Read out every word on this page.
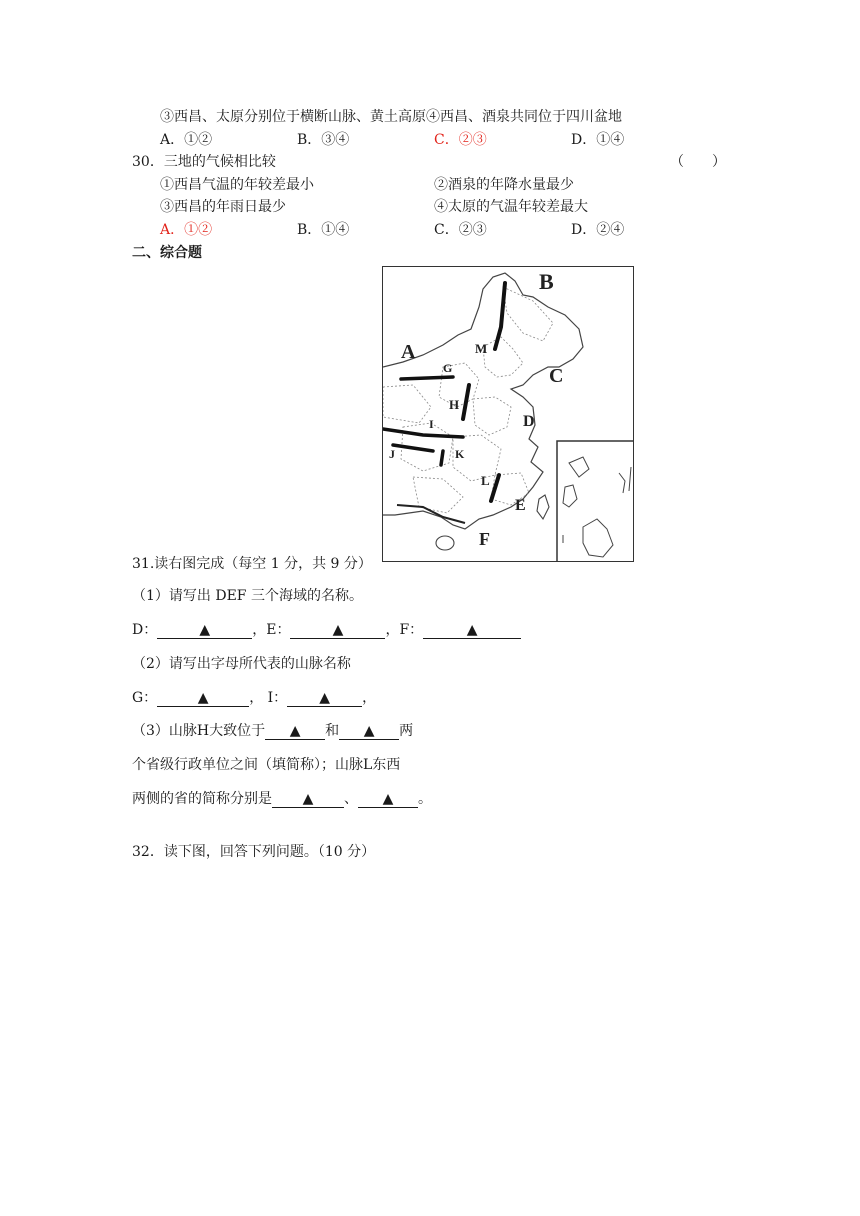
③西昌、太原分别位于横断山脉、黄土高原④西昌、酒泉共同位于四川盆地
A．①②	B．③④	C．②③	D．①④
30．三地的气候相比较	（　　）
①西昌气温的年较差最小	②酒泉的年降水量最少
③西昌的年雨日最少	④太原的气温年较差最大
A．①②	B．①④	C．②③	D．②④
二、综合题
A
B
C
D
E
F
G
H
I
J	K
L
M
31.读右图完成（每空 1 分，共 9 分）
（1）请写出 DEF 三个海域的名称。
D：	▲	，E：	▲	，F：	▲
（2）请写出字母所代表的山脉名称
G：	▲	， I： ▲ ，
（3）山脉H大致位于 ▲ 和 ▲ 两
个省级行政单位之间（填简称）；山脉L东西
两侧的省的简称分别是 ▲ 、 ▲ 。
32．读下图，回答下列问题。（10 分）
